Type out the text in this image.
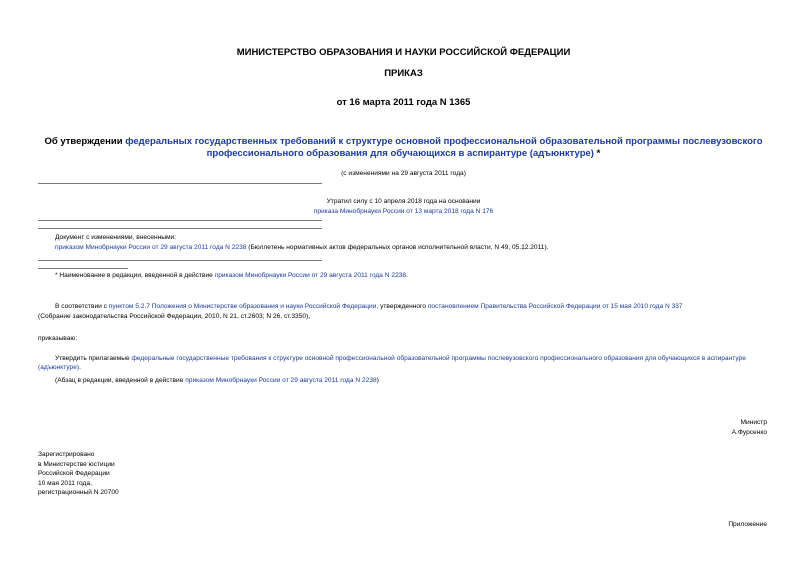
МИНИСТЕРСТВО ОБРАЗОВАНИЯ И НАУКИ РОССИЙСКОЙ ФЕДЕРАЦИИ
ПРИКАЗ
от 16 марта 2011 года N 1365
Об утверждении федеральных государственных требований к структуре основной профессиональной образовательной программы послевузовского профессионального образования для обучающихся в аспирантуре (адъюнктуре) *
(с изменениями на 29 августа 2011 года)
Утратил силу с 10 апреля 2018 года на основании
приказа Минобрнауки России от 13 марта 2018 года N 176
Документ с изменениями, внесенными:
приказом Минобрнауки России от 29 августа 2011 года N 2238 (Бюллетень нормативных актов федеральных органов исполнительной власти, N 49, 05.12.2011).
* Наименование в редакции, введенной в действие приказом Минобрнауки России от 29 августа 2011 года N 2238.
В соответствии с пунктом 5.2.7 Положения о Министерстве образования и науки Российской Федерации, утвержденного постановлением Правительства Российской Федерации от 15 мая 2010 года N 337
(Собрание законодательства Российской Федерации, 2010, N 21, ст.2603; N 26, ст.3350),
приказываю:
Утвердить прилагаемые федеральные государственные требования к структуре основной профессиональной образовательной программы послевузовского профессионального образования для обучающихся в аспирантуре (адъюнктуре).
(Абзац в редакции, введенной в действие приказом Минобрнауки России от 29 августа 2011 года N 2238)
Министр
А.Фурсенко
Зарегистрировано
в Министерстве юстиции
Российской Федерации
10 мая 2011 года,
регистрационный N 20700
Приложение
